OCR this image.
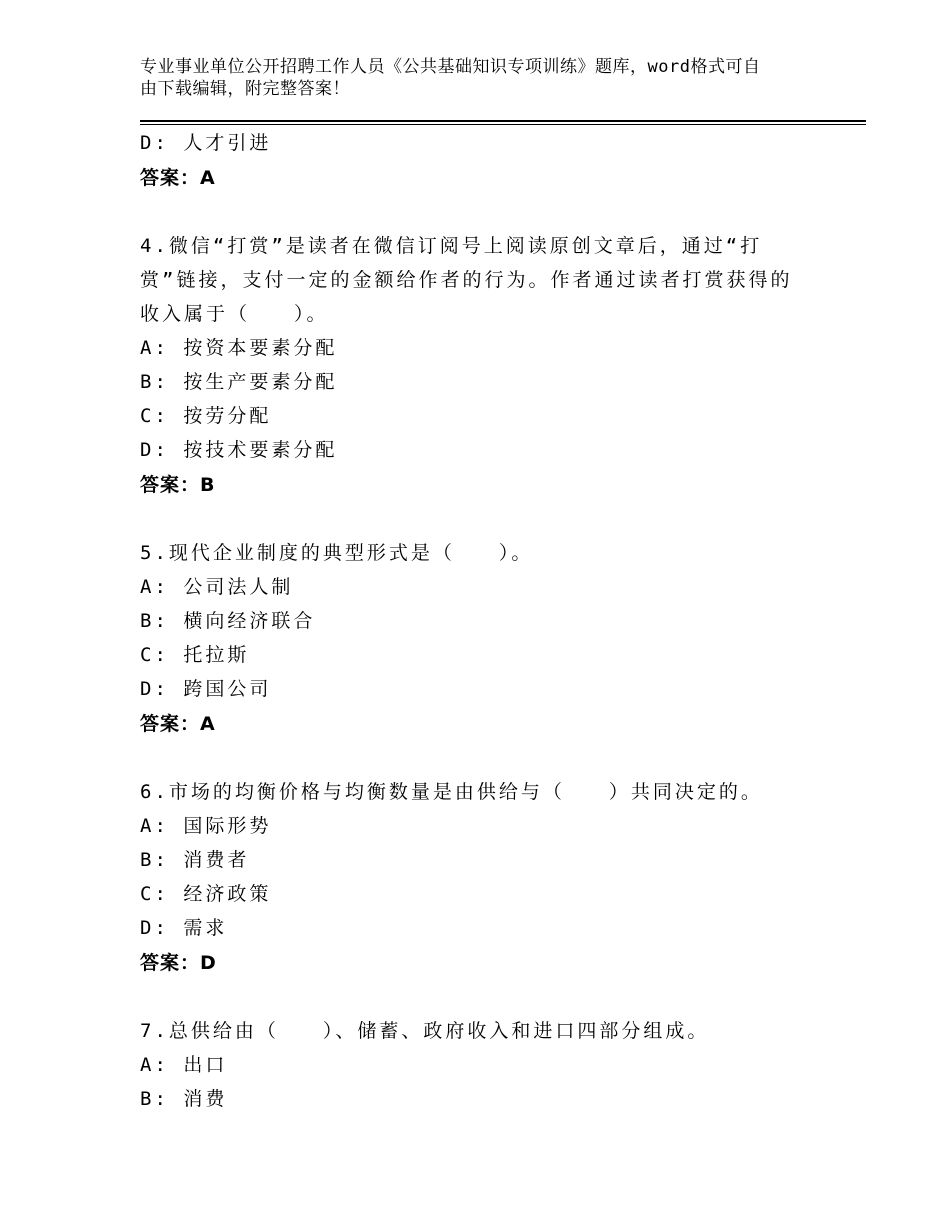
专业事业单位公开招聘工作人员《公共基础知识专项训练》题库，word格式可自
由下载编辑，附完整答案！
D: 人才引进
答案：A
4.微信“打赏”是读者在微信订阅号上阅读原创文章后，通过“打
赏”链接，支付一定的金额给作者的行为。作者通过读者打赏获得的
收入属于（　　）。
A: 按资本要素分配
B: 按生产要素分配
C: 按劳分配
D: 按技术要素分配
答案：B
5.现代企业制度的典型形式是（　　）。
A: 公司法人制
B: 横向经济联合
C: 托拉斯
D: 跨国公司
答案：A
6.市场的均衡价格与均衡数量是由供给与（　　）共同决定的。
A: 国际形势
B: 消费者
C: 经济政策
D: 需求
答案：D
7.总供给由（　　）、储蓄、政府收入和进口四部分组成。
A: 出口
B: 消费
